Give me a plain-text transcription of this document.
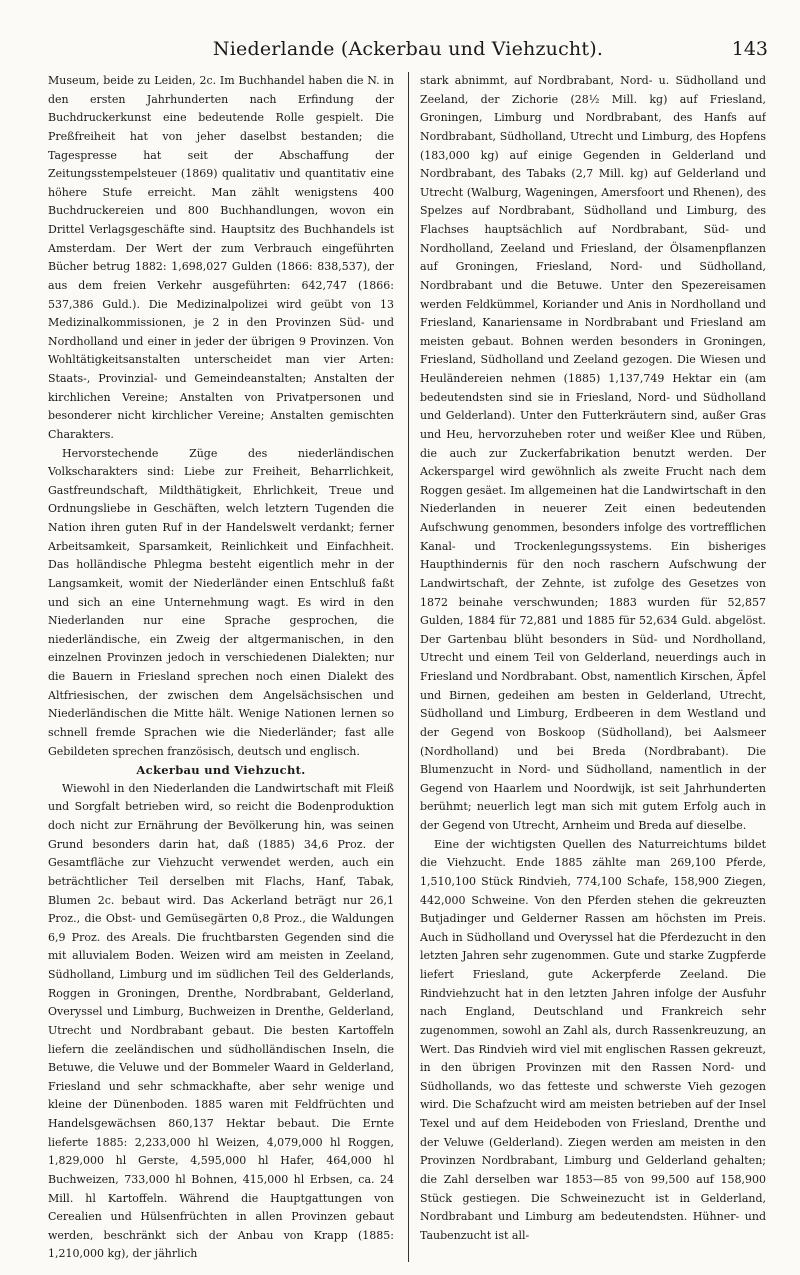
Niederlande (Ackerbau und Viehzucht).	143

Museum, beide zu Leiden, 2c. Im Buchhandel haben die N. in den ersten Jahrhunderten nach Erfindung der Buchdruckerkunst eine bedeutende Rolle gespielt. Die Preßfreiheit hat von jeher daselbst bestanden; die Tagespresse hat seit der Abschaffung der Zeitungsstempelsteuer (1869) qualitativ und quantitativ eine höhere Stufe erreicht. Man zählt wenigstens 400 Buchdruckereien und 800 Buchhandlungen, wovon ein Drittel Verlagsgeschäfte sind. Hauptsitz des Buchhandels ist Amsterdam. Der Wert der zum Verbrauch eingeführten Bücher betrug 1882: 1,698,027 Gulden (1866: 838,537), der aus dem freien Verkehr ausgeführten: 642,747 (1866: 537,386 Guld.). Die Medizinalpolizei wird geübt von 13 Medizinalkommissionen, je 2 in den Provinzen Süd- und Nordholland und einer in jeder der übrigen 9 Provinzen. Von Wohltätigkeitsanstalten unterscheidet man vier Arten: Staats-, Provinzial- und Gemeindeanstalten; Anstalten der kirchlichen Vereine; Anstalten von Privatpersonen und besonderer nicht kirchlicher Vereine; Anstalten gemischten Charakters.

Hervorstechende Züge des niederländischen Volkscharakters sind: Liebe zur Freiheit, Beharrlichkeit, Gastfreundschaft, Mildthätigkeit, Ehrlichkeit, Treue und Ordnungsliebe in Geschäften, welch letztern Tugenden die Nation ihren guten Ruf in der Handelswelt verdankt; ferner Arbeitsamkeit, Sparsamkeit, Reinlichkeit und Einfachheit. Das holländische Phlegma besteht eigentlich mehr in der Langsamkeit, womit der Niederländer einen Entschluß faßt und sich an eine Unternehmung wagt. Es wird in den Niederlanden nur eine Sprache gesprochen, die niederländische, ein Zweig der altgermanischen, in den einzelnen Provinzen jedoch in verschiedenen Dialekten; nur die Bauern in Friesland sprechen noch einen Dialekt des Altfriesischen, der zwischen dem Angelsächsischen und Niederländischen die Mitte hält. Wenige Nationen lernen so schnell fremde Sprachen wie die Niederländer; fast alle Gebildeten sprechen französisch, deutsch und englisch.

Ackerbau und Viehzucht.

Wiewohl in den Niederlanden die Landwirtschaft mit Fleiß und Sorgfalt betrieben wird, so reicht die Bodenproduktion doch nicht zur Ernährung der Bevölkerung hin, was seinen Grund besonders darin hat, daß (1885) 34,6 Proz. der Gesamtfläche zur Viehzucht verwendet werden, auch ein beträchtlicher Teil derselben mit Flachs, Hanf, Tabak, Blumen 2c. bebaut wird. Das Ackerland beträgt nur 26,1 Proz., die Obst- und Gemüsegärten 0,8 Proz., die Waldungen 6,9 Proz. des Areals. Die fruchtbarsten Gegenden sind die mit alluvialem Boden. Weizen wird am meisten in Zeeland, Südholland, Limburg und im südlichen Teil des Gelderlands, Roggen in Groningen, Drenthe, Nordbrabant, Gelderland, Overyssel und Limburg, Buchweizen in Drenthe, Gelderland, Utrecht und Nordbrabant gebaut. Die besten Kartoffeln liefern die zeeländischen und südholländischen Inseln, die Betuwe, die Veluwe und der Bommeler Waard in Gelderland, Friesland und sehr schmackhafte, aber sehr wenige und kleine der Dünenboden. 1885 waren mit Feldfrüchten und Handelsgewächsen 860,137 Hektar bebaut. Die Ernte lieferte 1885: 2,233,000 hl Weizen, 4,079,000 hl Roggen, 1,829,000 hl Gerste, 4,595,000 hl Hafer, 464,000 hl Buchweizen, 733,000 hl Bohnen, 415,000 hl Erbsen, ca. 24 Mill. hl Kartoffeln. Während die Hauptgattungen von Cerealien und Hülsenfrüchten in allen Provinzen gebaut werden, beschränkt sich der Anbau von Krapp (1885: 1,210,000 kg), der jährlich

stark abnimmt, auf Nordbrabant, Nord- u. Südholland und Zeeland, der Zichorie (28½ Mill. kg) auf Friesland, Groningen, Limburg und Nordbrabant, des Hanfs auf Nordbrabant, Südholland, Utrecht und Limburg, des Hopfens (183,000 kg) auf einige Gegenden in Gelderland und Nordbrabant, des Tabaks (2,7 Mill. kg) auf Gelderland und Utrecht (Walburg, Wageningen, Amersfoort und Rhenen), des Spelzes auf Nordbrabant, Südholland und Limburg, des Flachses hauptsächlich auf Nordbrabant, Süd- und Nordholland, Zeeland und Friesland, der Ölsamenpflanzen auf Groningen, Friesland, Nord- und Südholland, Nordbrabant und die Betuwe. Unter den Spezereisamen werden Feldkümmel, Koriander und Anis in Nordholland und Friesland, Kanariensame in Nordbrabant und Friesland am meisten gebaut. Bohnen werden besonders in Groningen, Friesland, Südholland und Zeeland gezogen. Die Wiesen und Heuländereien nehmen (1885) 1,137,749 Hektar ein (am bedeutendsten sind sie in Friesland, Nord- und Südholland und Gelderland). Unter den Futterkräutern sind, außer Gras und Heu, hervorzuheben roter und weißer Klee und Rüben, die auch zur Zuckerfabrikation benutzt werden. Der Ackerspargel wird gewöhnlich als zweite Frucht nach dem Roggen gesäet. Im allgemeinen hat die Landwirtschaft in den Niederlanden in neuerer Zeit einen bedeutenden Aufschwung genommen, besonders infolge des vortrefflichen Kanal- und Trockenlegungssystems. Ein bisheriges Haupthindernis für den noch raschern Aufschwung der Landwirtschaft, der Zehnte, ist zufolge des Gesetzes von 1872 beinahe verschwunden; 1883 wurden für 52,857 Gulden, 1884 für 72,881 und 1885 für 52,634 Guld. abgelöst. Der Gartenbau blüht besonders in Süd- und Nordholland, Utrecht und einem Teil von Gelderland, neuerdings auch in Friesland und Nordbrabant. Obst, namentlich Kirschen, Äpfel und Birnen, gedeihen am besten in Gelderland, Utrecht, Südholland und Limburg, Erdbeeren in dem Westland und der Gegend von Boskoop (Südholland), bei Aalsmeer (Nordholland) und bei Breda (Nordbrabant). Die Blumenzucht in Nord- und Südholland, namentlich in der Gegend von Haarlem und Noordwijk, ist seit Jahrhunderten berühmt; neuerlich legt man sich mit gutem Erfolg auch in der Gegend von Utrecht, Arnheim und Breda auf dieselbe.

Eine der wichtigsten Quellen des Naturreichtums bildet die Viehzucht. Ende 1885 zählte man 269,100 Pferde, 1,510,100 Stück Rindvieh, 774,100 Schafe, 158,900 Ziegen, 442,000 Schweine. Von den Pferden stehen die gekreuzten Butjadinger und Gelderner Rassen am höchsten im Preis. Auch in Südholland und Overyssel hat die Pferdezucht in den letzten Jahren sehr zugenommen. Gute und starke Zugpferde liefert Friesland, gute Ackerpferde Zeeland. Die Rindviehzucht hat in den letzten Jahren infolge der Ausfuhr nach England, Deutschland und Frankreich sehr zugenommen, sowohl an Zahl als, durch Rassenkreuzung, an Wert. Das Rindvieh wird viel mit englischen Rassen gekreuzt, in den übrigen Provinzen mit den Rassen Nord- und Südhollands, wo das fetteste und schwerste Vieh gezogen wird. Die Schafzucht wird am meisten betrieben auf der Insel Texel und auf dem Heideboden von Friesland, Drenthe und der Veluwe (Gelderland). Ziegen werden am meisten in den Provinzen Nordbrabant, Limburg und Gelderland gehalten; die Zahl derselben war 1853—85 von 99,500 auf 158,900 Stück gestiegen. Die Schweinezucht ist in Gelderland, Nordbrabant und Limburg am bedeutendsten. Hühner- und Taubenzucht ist all-
